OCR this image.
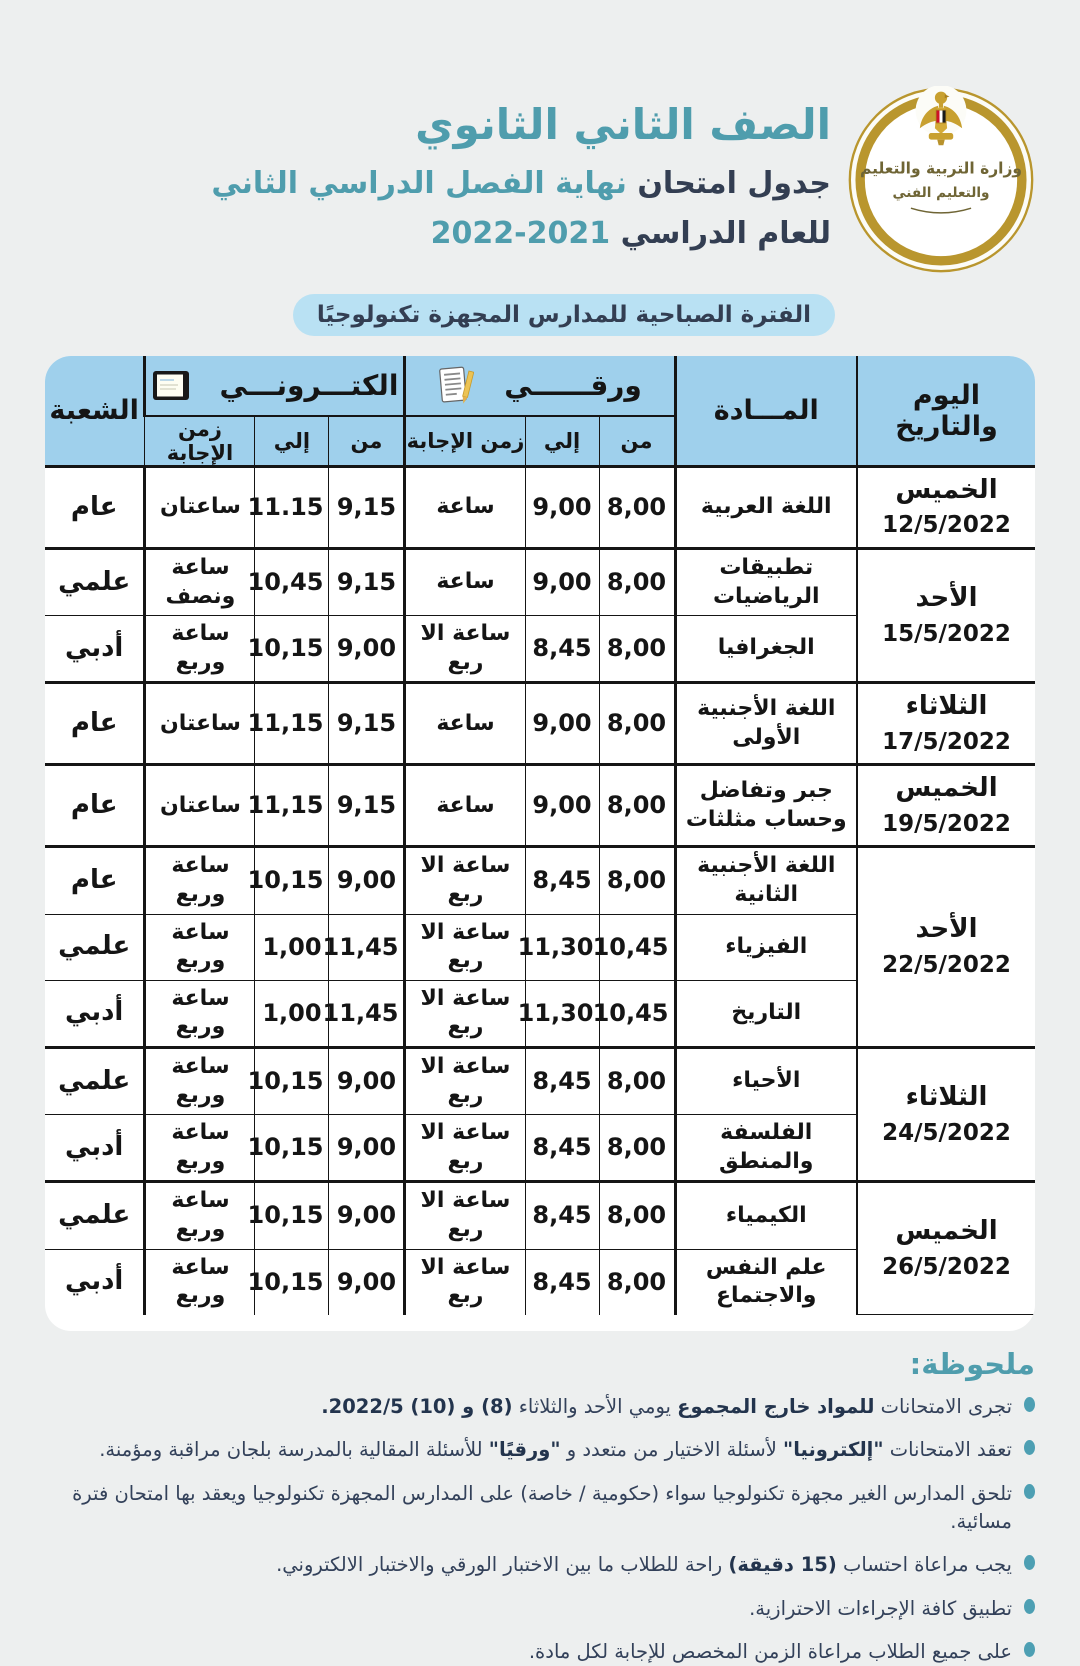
وزارة التربية والتعليم
والتعليم الفني
الصف الثاني الثانوي
جدول امتحان نهاية الفصل الدراسي الثاني
للعام الدراسي 2022-2021
الفترة الصباحية للمدارس المجهزة تكنولوجيًا
اليوم والتاريخ	المـــادة	ورقــــــي			الكتـــرونـــي			الشعبة
		من	إلي	زمن الإجابة	من	إلي	زمن الإجابة	

الخميس
12/5/2022	اللغة العربية	8,00	9,00	ساعة	9,15	11.15	ساعتان	عام

الأحد
15/5/2022	تطبيقات الرياضيات	8,00	9,00	ساعة	9,15	10,45	ساعة ونصف	علمي
	الجغرافيا	8,00	8,45	ساعة الا ربع	9,00	10,15	ساعة وربع	أدبي

الثلاثاء
17/5/2022	اللغة الأجنبية الأولى	8,00	9,00	ساعة	9,15	11,15	ساعتان	عام

الخميس
19/5/2022	جبر وتفاضل وحساب مثلثات	8,00	9,00	ساعة	9,15	11,15	ساعتان	عام

الأحد
22/5/2022	اللغة الأجنبية الثانية	8,00	8,45	ساعة الا ربع	9,00	10,15	ساعة وربع	عام
	الفيزياء	10,45	11,30	ساعة الا ربع	11,45	1,00	ساعة وربع	علمي
	التاريخ	10,45	11,30	ساعة الا ربع	11,45	1,00	ساعة وربع	أدبي

الثلاثاء
24/5/2022	الأحياء	8,00	8,45	ساعة الا ربع	9,00	10,15	ساعة وربع	علمي
	الفلسفة والمنطق	8,00	8,45	ساعة الا ربع	9,00	10,15	ساعة وربع	أدبي

الخميس
26/5/2022	الكيمياء	8,00	8,45	ساعة الا ربع	9,00	10,15	ساعة وربع	علمي
	علم النفس والاجتماع	8,00	8,45	ساعة الا ربع	9,00	10,15	ساعة وربع	أدبي
ملحوظة:
تجرى الامتحانات للمواد خارج المجموع يومي الأحد والثلاثاء (8) و (10) 2022/5.
تعقد الامتحانات "إلكترونيا" لأسئلة الاختيار من متعدد و "ورقيًا" للأسئلة المقالية بالمدرسة بلجان مراقبة ومؤمنة.
تلحق المدارس الغير مجهزة تكنولوجيا سواء (حكومية / خاصة) على المدارس المجهزة تكنولوجيا ويعقد بها امتحان فترة مسائية.
يجب مراعاة احتساب (15 دقيقة) راحة للطلاب ما بين الاختبار الورقي والاختبار الالكتروني.
تطبيق كافة الإجراءات الاحترازية.
على جميع الطلاب مراعاة الزمن المخصص للإجابة لكل مادة.
